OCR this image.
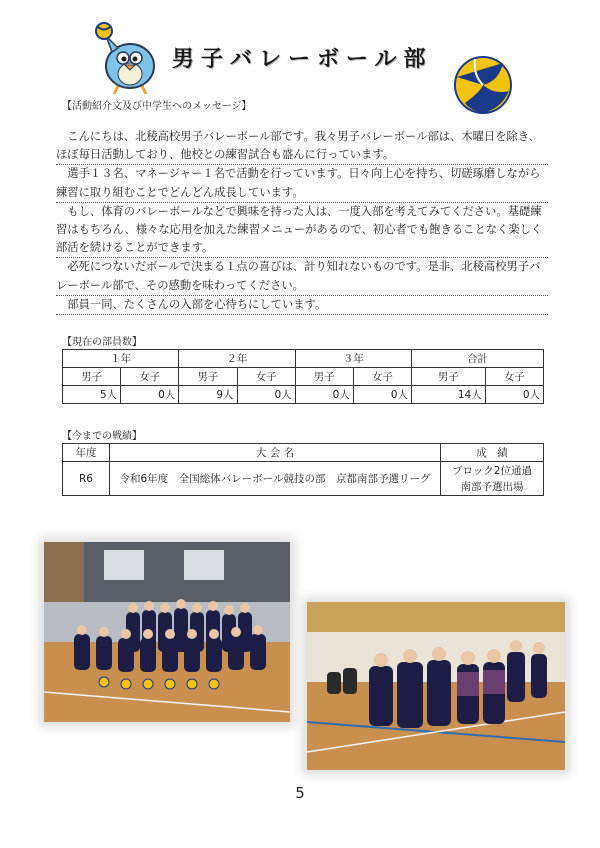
男子バレーボール部
【活動紹介文及び中学生へのメッセージ】

こんにちは、北稜高校男子バレーボール部です。我々男子バレーボール部は、木曜日を除き、ほぼ毎日活動しており、他校との練習試合も盛んに行っています。

選手１３名、マネージャー１名で活動を行っています。日々向上心を持ち、切磋琢磨しながら練習に取り組むことでどんどん成長しています。

もし、体育のバレーボールなどで興味を持った人は、一度入部を考えてみてください。基礎練習はもちろん、様々な応用を加えた練習メニューがあるので、初心者でも飽きることなく楽しく部活を続けることができます。

必死につないだボールで決まる１点の喜びは、計り知れないものです。是非、北稜高校男子バレーボール部で、その感動を味わってください。

部員一同、たくさんの入部を心待ちにしています。

【現在の部員数】
１年		２年		３年		合計	
男子	女子	男子	女子	男子	女子	男子	女子
5人	0人	9人	0人	0人	0人	14人	0人
【今までの戦績】
年度	大 会 名	成　績
R6	令和6年度　全国総体バレーボール競技の部　京都南部予選リーグ	ブロック2位通過
南部予選出場
5
